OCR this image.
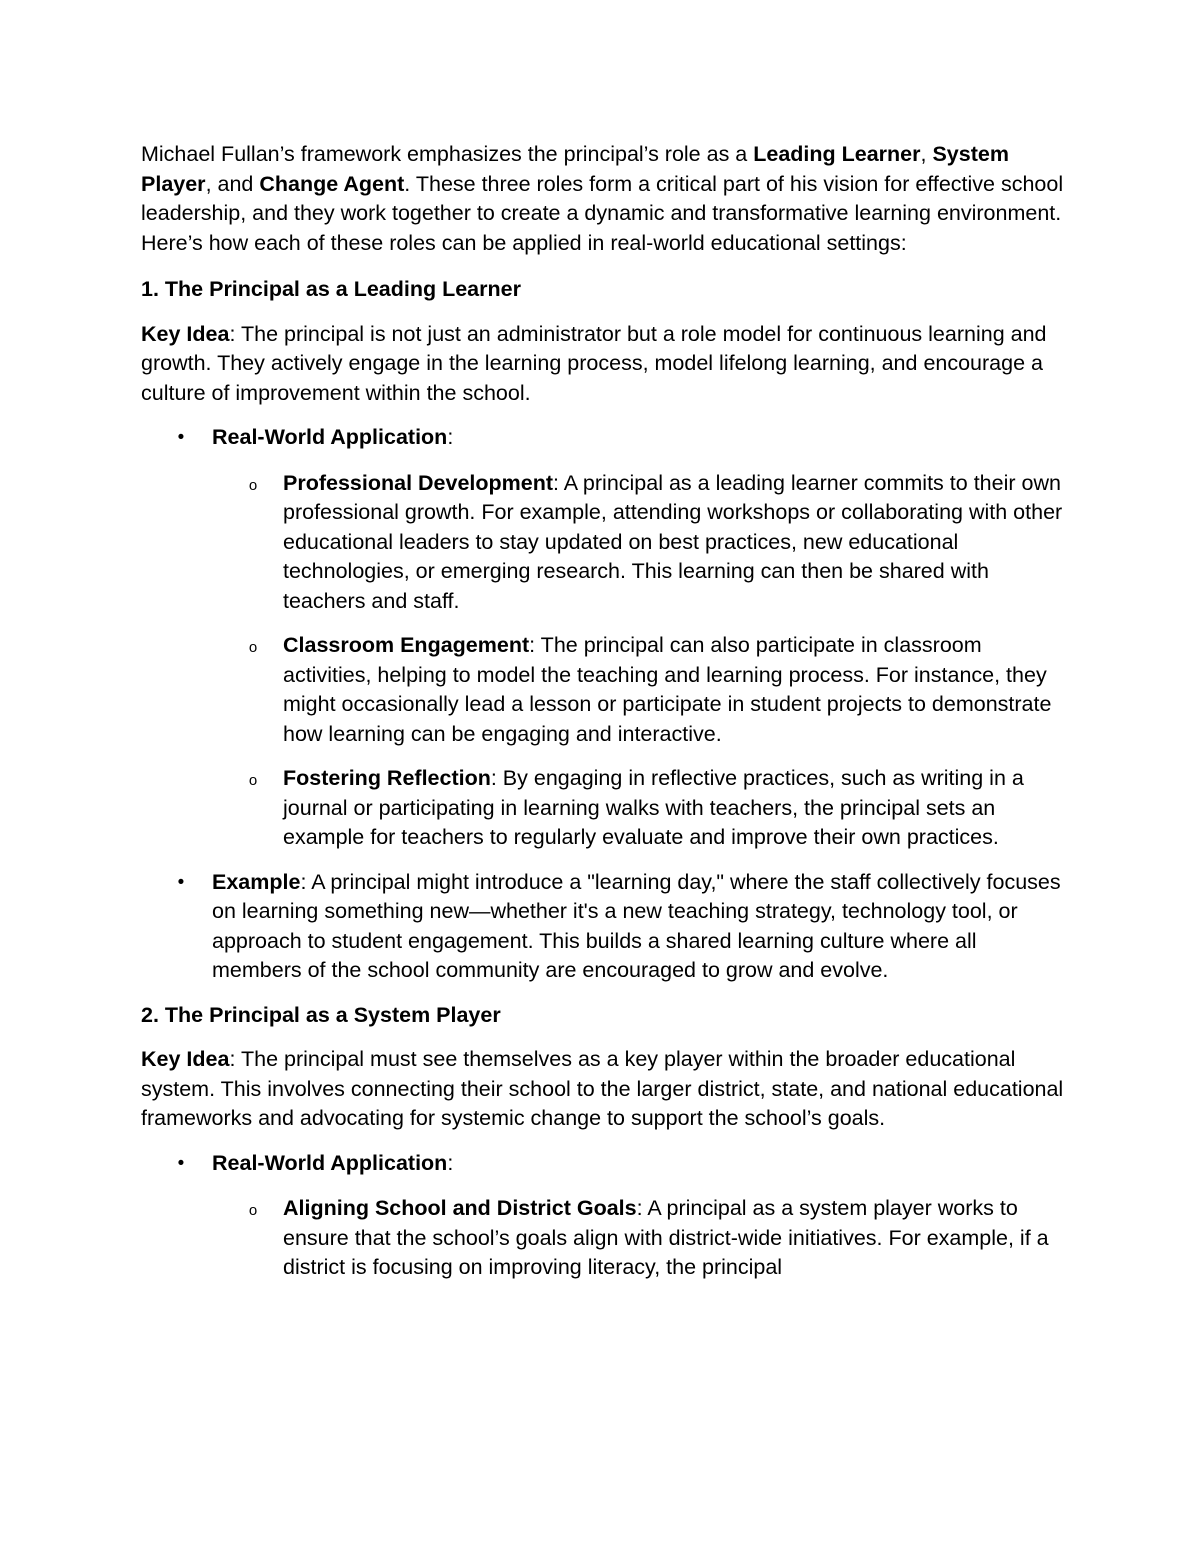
Michael Fullan’s framework emphasizes the principal’s role as a Leading Learner, System Player, and Change Agent. These three roles form a critical part of his vision for effective school leadership, and they work together to create a dynamic and transformative learning environment. Here’s how each of these roles can be applied in real-world educational settings:

1. The Principal as a Leading Learner

Key Idea: The principal is not just an administrator but a role model for continuous learning and growth. They actively engage in the learning process, model lifelong learning, and encourage a culture of improvement within the school.

• Real-World Application:
o Professional Development: A principal as a leading learner commits to their own professional growth. For example, attending workshops or collaborating with other educational leaders to stay updated on best practices, new educational technologies, or emerging research. This learning can then be shared with teachers and staff.
o Classroom Engagement: The principal can also participate in classroom activities, helping to model the teaching and learning process. For instance, they might occasionally lead a lesson or participate in student projects to demonstrate how learning can be engaging and interactive.
o Fostering Reflection: By engaging in reflective practices, such as writing in a journal or participating in learning walks with teachers, the principal sets an example for teachers to regularly evaluate and improve their own practices.
• Example: A principal might introduce a "learning day," where the staff collectively focuses on learning something new—whether it's a new teaching strategy, technology tool, or approach to student engagement. This builds a shared learning culture where all members of the school community are encouraged to grow and evolve.

2. The Principal as a System Player

Key Idea: The principal must see themselves as a key player within the broader educational system. This involves connecting their school to the larger district, state, and national educational frameworks and advocating for systemic change to support the school’s goals.

• Real-World Application:
o Aligning School and District Goals: A principal as a system player works to ensure that the school’s goals align with district-wide initiatives. For example, if a district is focusing on improving literacy, the principal
